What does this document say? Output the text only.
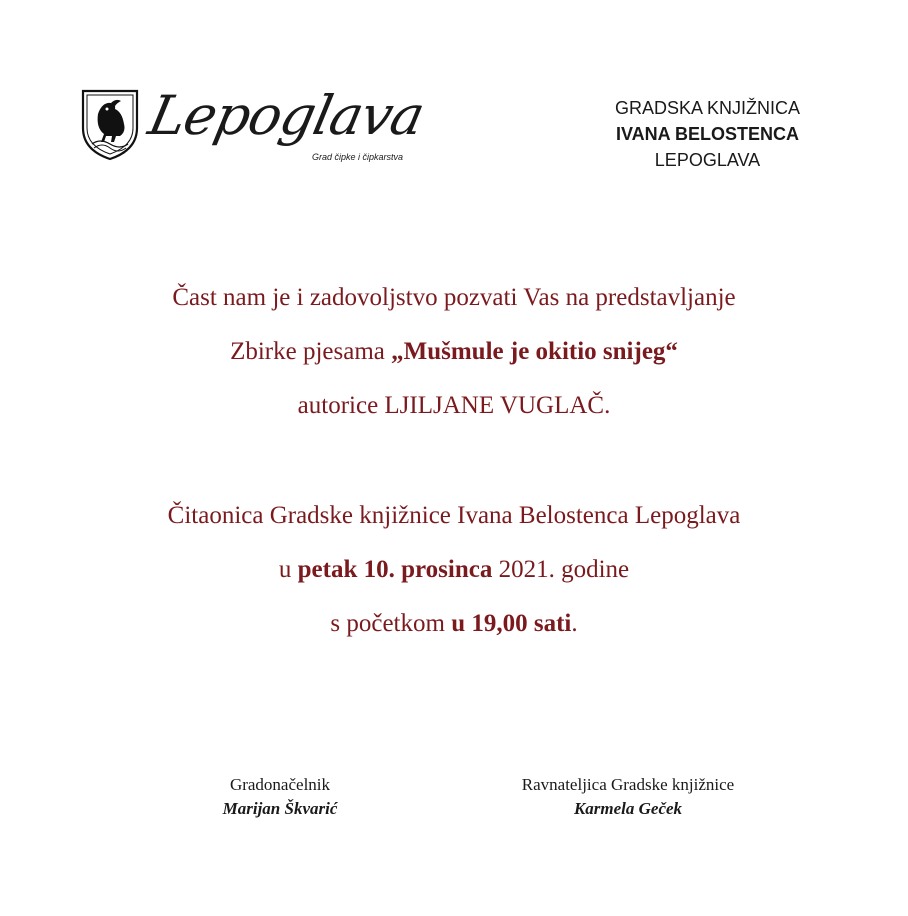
Lepoglava
Grad čipke i čipkarstva
GRADSKA KNJIŽNICA
IVANA BELOSTENCA
LEPOGLAVA
Čast nam je i zadovoljstvo pozvati Vas na predstavljanje
Zbirke pjesama „Mušmule je okitio snijeg“
autorice LJILJANE VUGLAČ.
Čitaonica Gradske knjižnice Ivana Belostenca Lepoglava
u petak 10. prosinca 2021. godine
s početkom u 19,00 sati.
Gradonačelnik
Marijan Škvarić
Ravnateljica Gradske knjižnice
Karmela Geček
